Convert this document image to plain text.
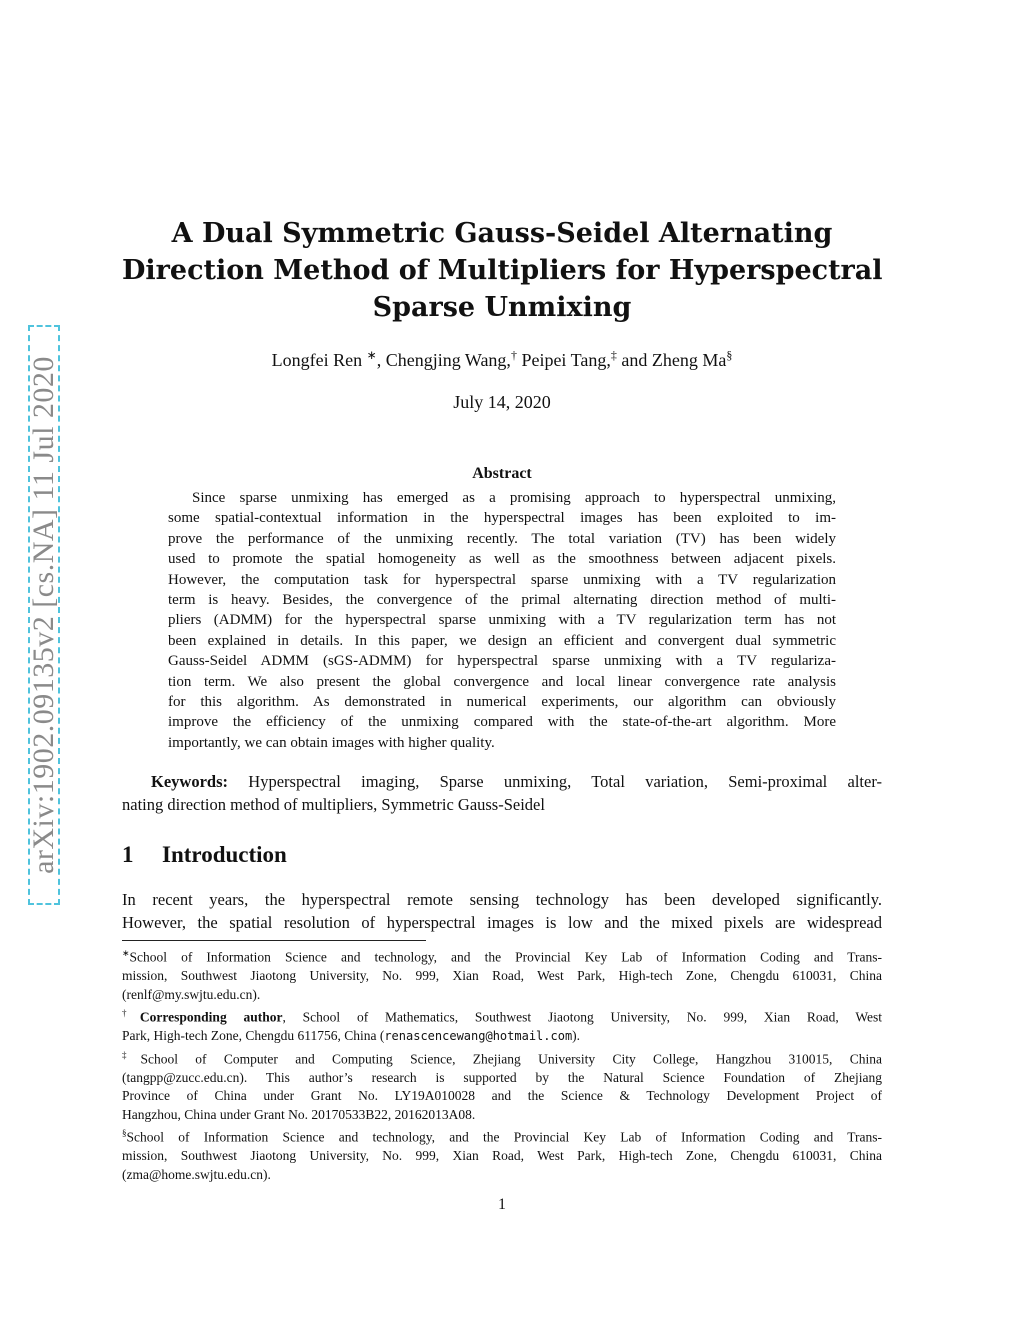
arXiv:1902.09135v2 [cs.NA] 11 Jul 2020
A Dual Symmetric Gauss-Seidel Alternating
Direction Method of Multipliers for Hyperspectral
Sparse Unmixing
Longfei Ren ∗, Chengjing Wang,† Peipei Tang,‡ and Zheng Ma§
July 14, 2020
Abstract
Since sparse unmixing has emerged as a promising approach to hyperspectral unmixing,
some spatial-contextual information in the hyperspectral images has been exploited to im-
prove the performance of the unmixing recently. The total variation (TV) has been widely
used to promote the spatial homogeneity as well as the smoothness between adjacent pixels.
However, the computation task for hyperspectral sparse unmixing with a TV regularization
term is heavy. Besides, the convergence of the primal alternating direction method of multi-
pliers (ADMM) for the hyperspectral sparse unmixing with a TV regularization term has not
been explained in details. In this paper, we design an efficient and convergent dual symmetric
Gauss-Seidel ADMM (sGS-ADMM) for hyperspectral sparse unmixing with a TV regulariza-
tion term. We also present the global convergence and local linear convergence rate analysis
for this algorithm. As demonstrated in numerical experiments, our algorithm can obviously
improve the efficiency of the unmixing compared with the state-of-the-art algorithm. More
importantly, we can obtain images with higher quality.
Keywords: Hyperspectral imaging, Sparse unmixing, Total variation, Semi-proximal alter-
nating direction method of multipliers, Symmetric Gauss-Seidel
1 Introduction
In recent years, the hyperspectral remote sensing technology has been developed significantly.
However, the spatial resolution of hyperspectral images is low and the mixed pixels are widespread
∗School of Information Science and technology, and the Provincial Key Lab of Information Coding and Trans-
mission, Southwest Jiaotong University, No. 999, Xian Road, West Park, High-tech Zone, Chengdu 610031, China
(renlf@my.swjtu.edu.cn).
†Corresponding author, School of Mathematics, Southwest Jiaotong University, No. 999, Xian Road, West
Park, High-tech Zone, Chengdu 611756, China (renascencewang@hotmail.com).
‡School of Computer and Computing Science, Zhejiang University City College, Hangzhou 310015, China
(tangpp@zucc.edu.cn). This author’s research is supported by the Natural Science Foundation of Zhejiang
Province of China under Grant No. LY19A010028 and the Science & Technology Development Project of
Hangzhou, China under Grant No. 20170533B22, 20162013A08.
§School of Information Science and technology, and the Provincial Key Lab of Information Coding and Trans-
mission, Southwest Jiaotong University, No. 999, Xian Road, West Park, High-tech Zone, Chengdu 610031, China
(zma@home.swjtu.edu.cn).
1
